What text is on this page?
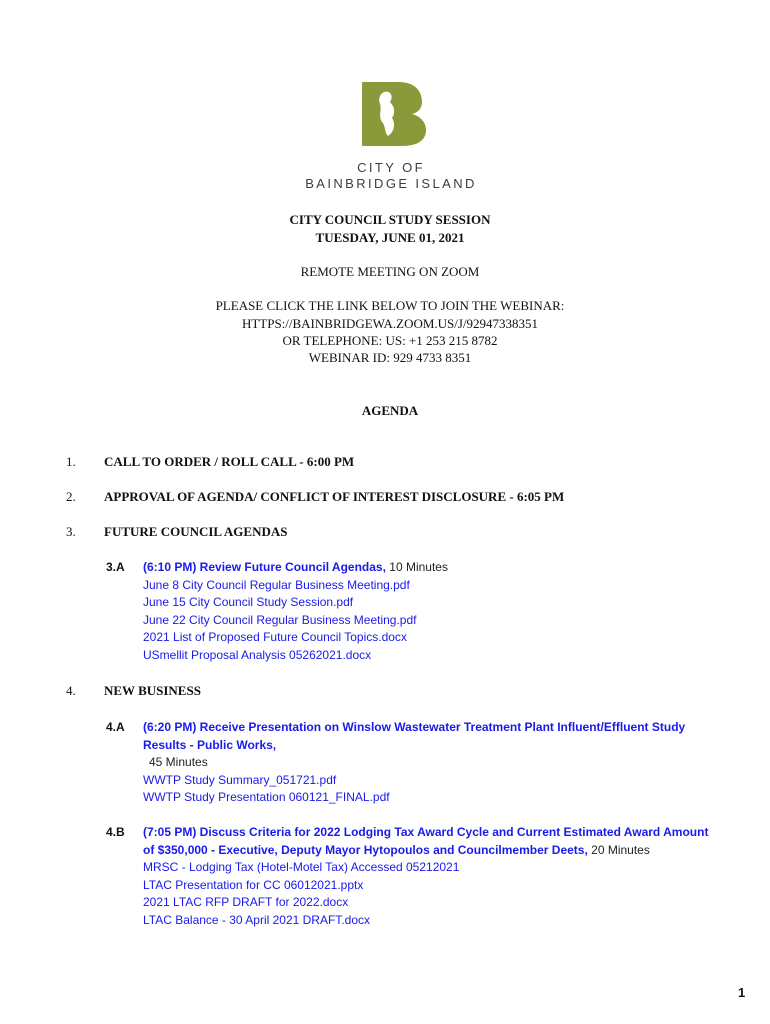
CITY OF
BAINBRIDGE ISLAND
CITY COUNCIL STUDY SESSION
TUESDAY, JUNE 01, 2021
REMOTE MEETING ON ZOOM
PLEASE CLICK THE LINK BELOW TO JOIN THE WEBINAR:
HTTPS://BAINBRIDGEWA.ZOOM.US/J/92947338351
OR TELEPHONE: US: +1 253 215 8782
WEBINAR ID: 929 4733 8351
AGENDA
1. CALL TO ORDER / ROLL CALL - 6:00 PM
2. APPROVAL OF AGENDA/ CONFLICT OF INTEREST DISCLOSURE - 6:05 PM
3. FUTURE COUNCIL AGENDAS
3.A (6:10 PM) Review Future Council Agendas, 10 Minutes
June 8 City Council Regular Business Meeting.pdf
June 15 City Council Study Session.pdf
June 22 City Council Regular Business Meeting.pdf
2021 List of Proposed Future Council Topics.docx
USmellit Proposal Analysis 05262021.docx
4. NEW BUSINESS
4.A (6:20 PM) Receive Presentation on Winslow Wastewater Treatment Plant Influent/Effluent Study
Results - Public Works,
45 Minutes
WWTP Study Summary_051721.pdf
WWTP Study Presentation 060121_FINAL.pdf
4.B (7:05 PM) Discuss Criteria for 2022 Lodging Tax Award Cycle and Current Estimated Award Amount
of $350,000 - Executive, Deputy Mayor Hytopoulos and Councilmember Deets, 20 Minutes
MRSC - Lodging Tax (Hotel-Motel Tax) Accessed 05212021
LTAC Presentation for CC 06012021.pptx
2021 LTAC RFP DRAFT for 2022.docx
LTAC Balance - 30 April 2021 DRAFT.docx
1
